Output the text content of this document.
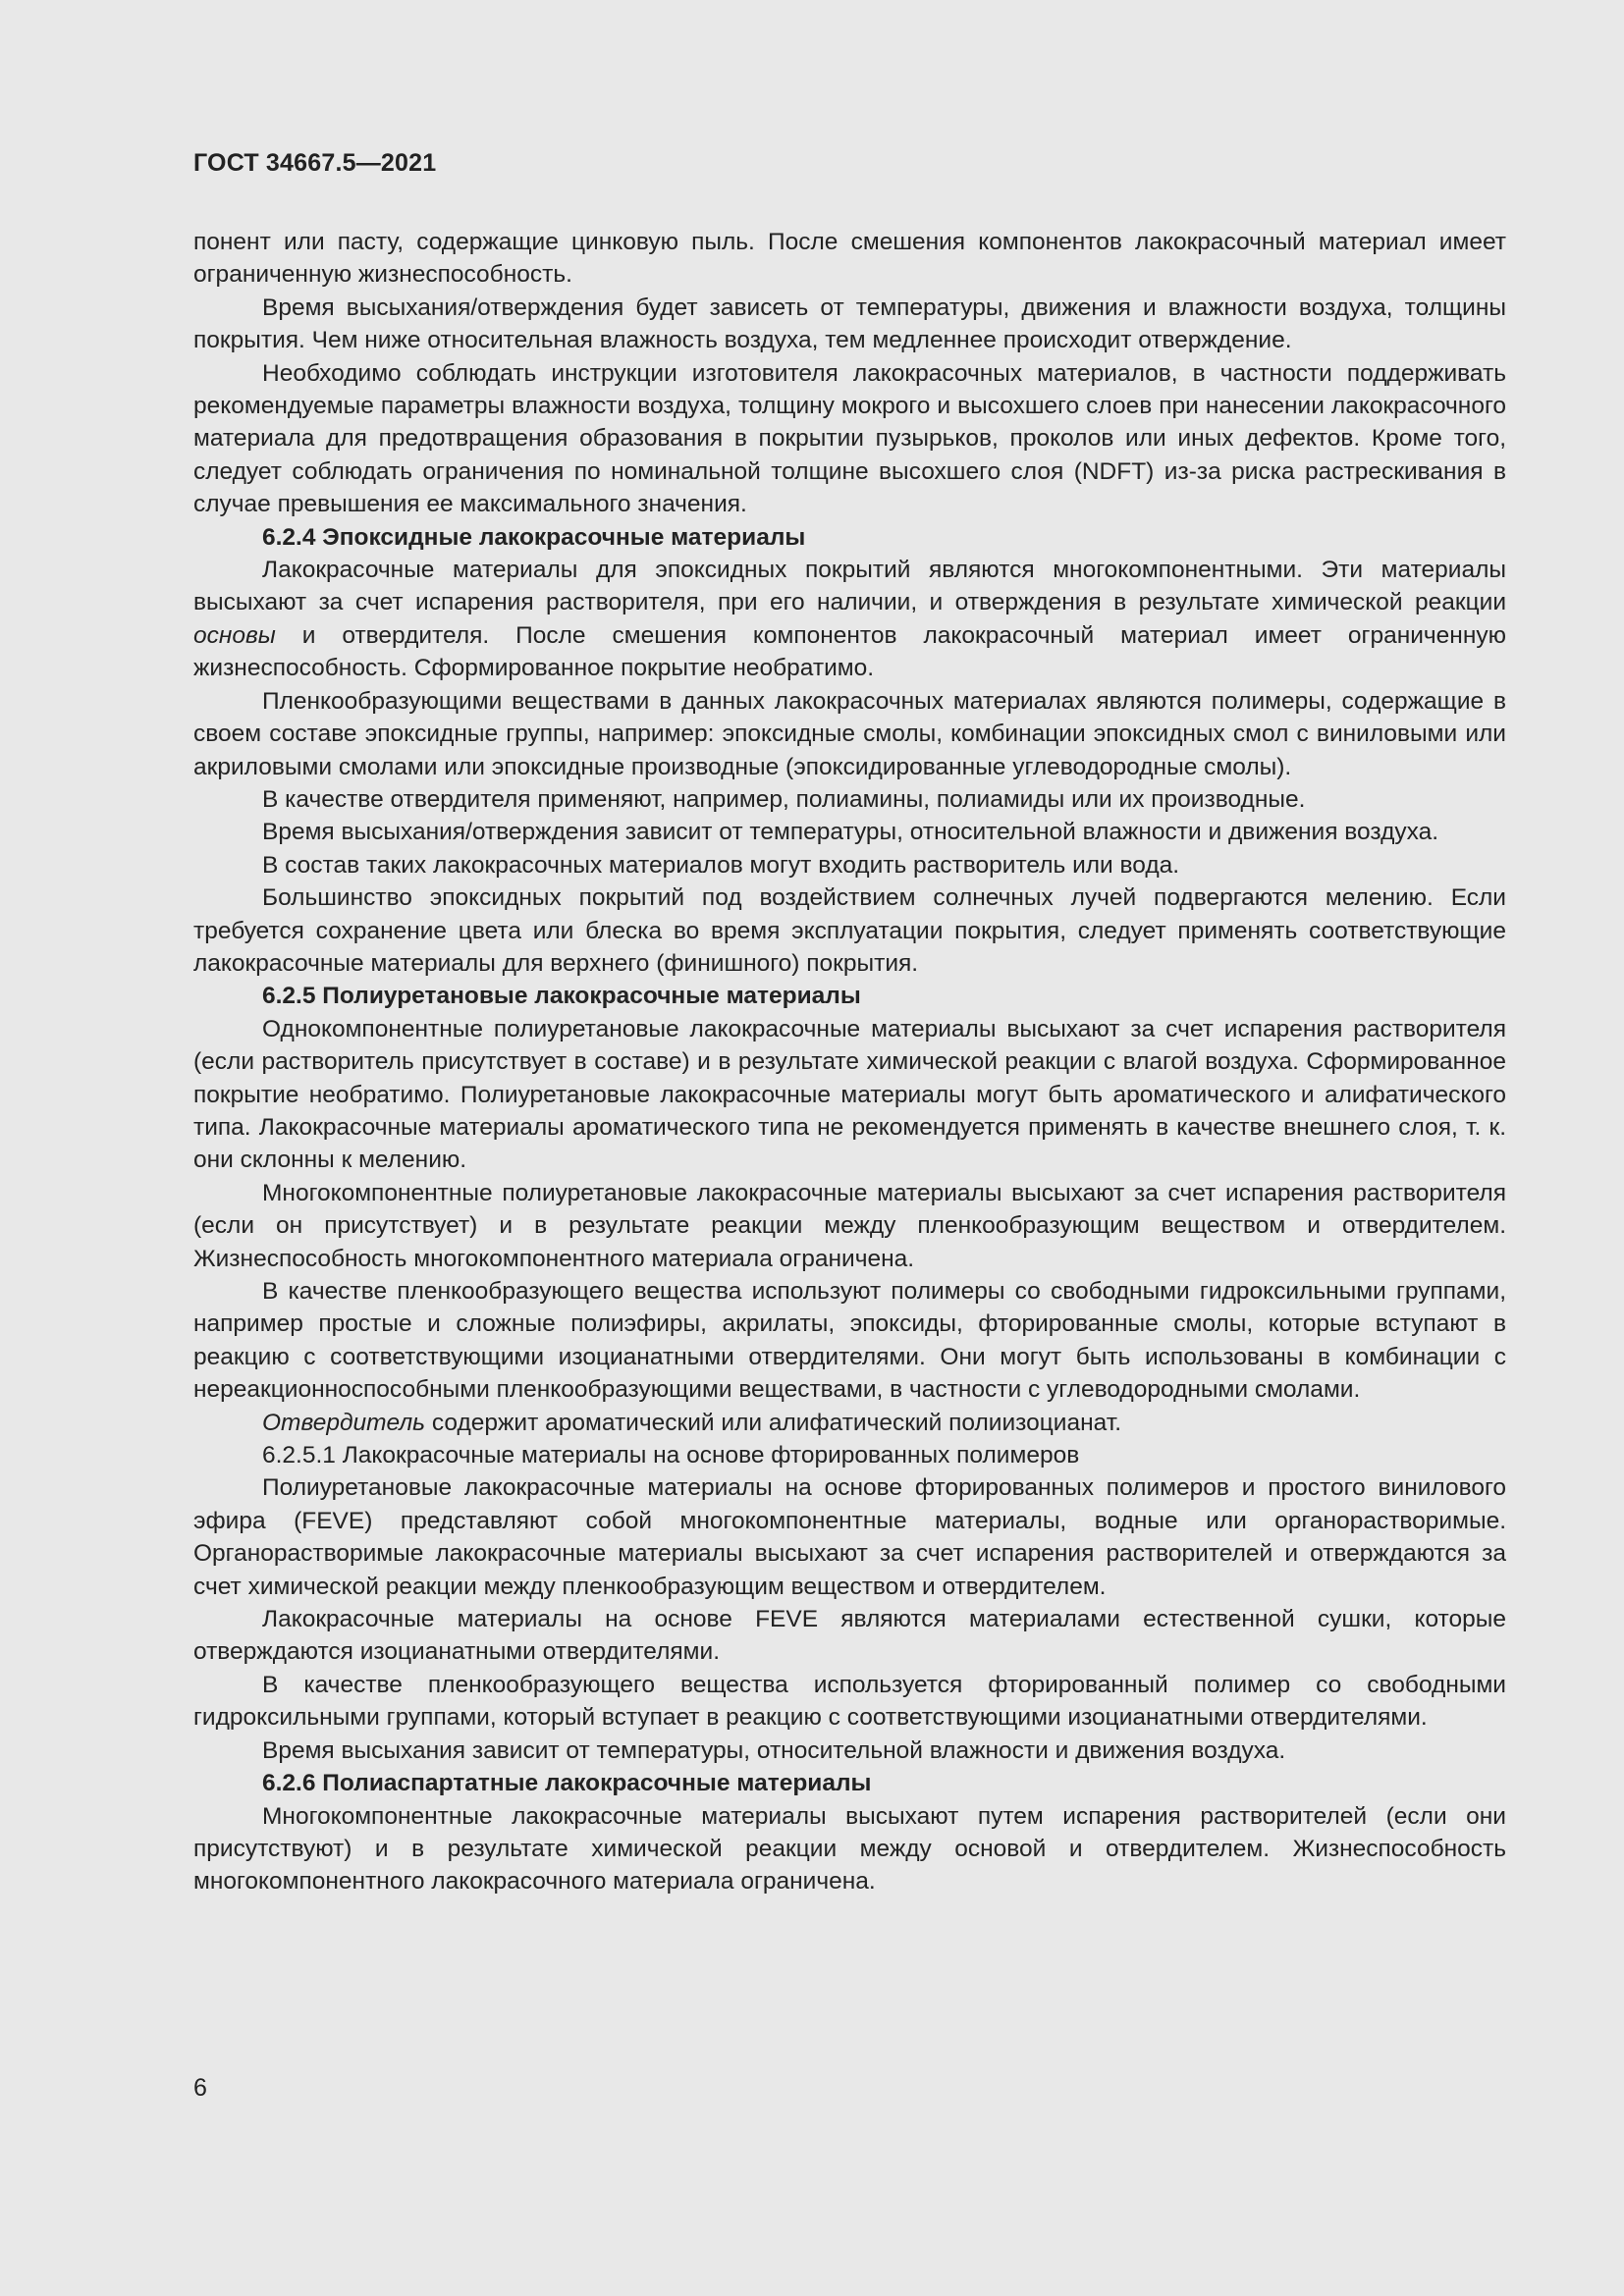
ГОСТ 34667.5—2021

понент или пасту, содержащие цинковую пыль. После смешения компонентов лакокрасочный материал имеет ограниченную жизнеспособность.

Время высыхания/отверждения будет зависеть от температуры, движения и влажности воздуха, толщины покрытия. Чем ниже относительная влажность воздуха, тем медленнее происходит отверждение.

Необходимо соблюдать инструкции изготовителя лакокрасочных материалов, в частности поддерживать рекомендуемые параметры влажности воздуха, толщину мокрого и высохшего слоев при нанесении лакокрасочного материала для предотвращения образования в покрытии пузырьков, проколов или иных дефектов. Кроме того, следует соблюдать ограничения по номинальной толщине высохшего слоя (NDFT) из-за риска растрескивания в случае превышения ее максимального значения.

6.2.4 Эпоксидные лакокрасочные материалы

Лакокрасочные материалы для эпоксидных покрытий являются многокомпонентными. Эти материалы высыхают за счет испарения растворителя, при его наличии, и отверждения в результате химической реакции основы и отвердителя. После смешения компонентов лакокрасочный материал имеет ограниченную жизнеспособность. Сформированное покрытие необратимо.

Пленкообразующими веществами в данных лакокрасочных материалах являются полимеры, содержащие в своем составе эпоксидные группы, например: эпоксидные смолы, комбинации эпоксидных смол с виниловыми или акриловыми смолами или эпоксидные производные (эпоксидированные углеводородные смолы).

В качестве отвердителя применяют, например, полиамины, полиамиды или их производные.

Время высыхания/отверждения зависит от температуры, относительной влажности и движения воздуха.

В состав таких лакокрасочных материалов могут входить растворитель или вода.

Большинство эпоксидных покрытий под воздействием солнечных лучей подвергаются мелению. Если требуется сохранение цвета или блеска во время эксплуатации покрытия, следует применять соответствующие лакокрасочные материалы для верхнего (финишного) покрытия.

6.2.5 Полиуретановые лакокрасочные материалы

Однокомпонентные полиуретановые лакокрасочные материалы высыхают за счет испарения растворителя (если растворитель присутствует в составе) и в результате химической реакции с влагой воздуха. Сформированное покрытие необратимо. Полиуретановые лакокрасочные материалы могут быть ароматического и алифатического типа. Лакокрасочные материалы ароматического типа не рекомендуется применять в качестве внешнего слоя, т. к. они склонны к мелению.

Многокомпонентные полиуретановые лакокрасочные материалы высыхают за счет испарения растворителя (если он присутствует) и в результате реакции между пленкообразующим веществом и отвердителем. Жизнеспособность многокомпонентного материала ограничена.

В качестве пленкообразующего вещества используют полимеры со свободными гидроксильными группами, например простые и сложные полиэфиры, акрилаты, эпоксиды, фторированные смолы, которые вступают в реакцию с соответствующими изоцианатными отвердителями. Они могут быть использованы в комбинации с нереакционноспособными пленкообразующими веществами, в частности с углеводородными смолами.

Отвердитель содержит ароматический или алифатический полиизоцианат.

6.2.5.1 Лакокрасочные материалы на основе фторированных полимеров

Полиуретановые лакокрасочные материалы на основе фторированных полимеров и простого винилового эфира (FEVE) представляют собой многокомпонентные материалы, водные или органорастворимые. Органорастворимые лакокрасочные материалы высыхают за счет испарения растворителей и отверждаются за счет химической реакции между пленкообразующим веществом и отвердителем.

Лакокрасочные материалы на основе FEVE являются материалами естественной сушки, которые отверждаются изоцианатными отвердителями.

В качестве пленкообразующего вещества используется фторированный полимер со свободными гидроксильными группами, который вступает в реакцию с соответствующими изоцианатными отвердителями.

Время высыхания зависит от температуры, относительной влажности и движения воздуха.

6.2.6 Полиаспартатные лакокрасочные материалы

Многокомпонентные лакокрасочные материалы высыхают путем испарения растворителей (если они присутствуют) и в результате химической реакции между основой и отвердителем. Жизнеспособность многокомпонентного лакокрасочного материала ограничена.

6
